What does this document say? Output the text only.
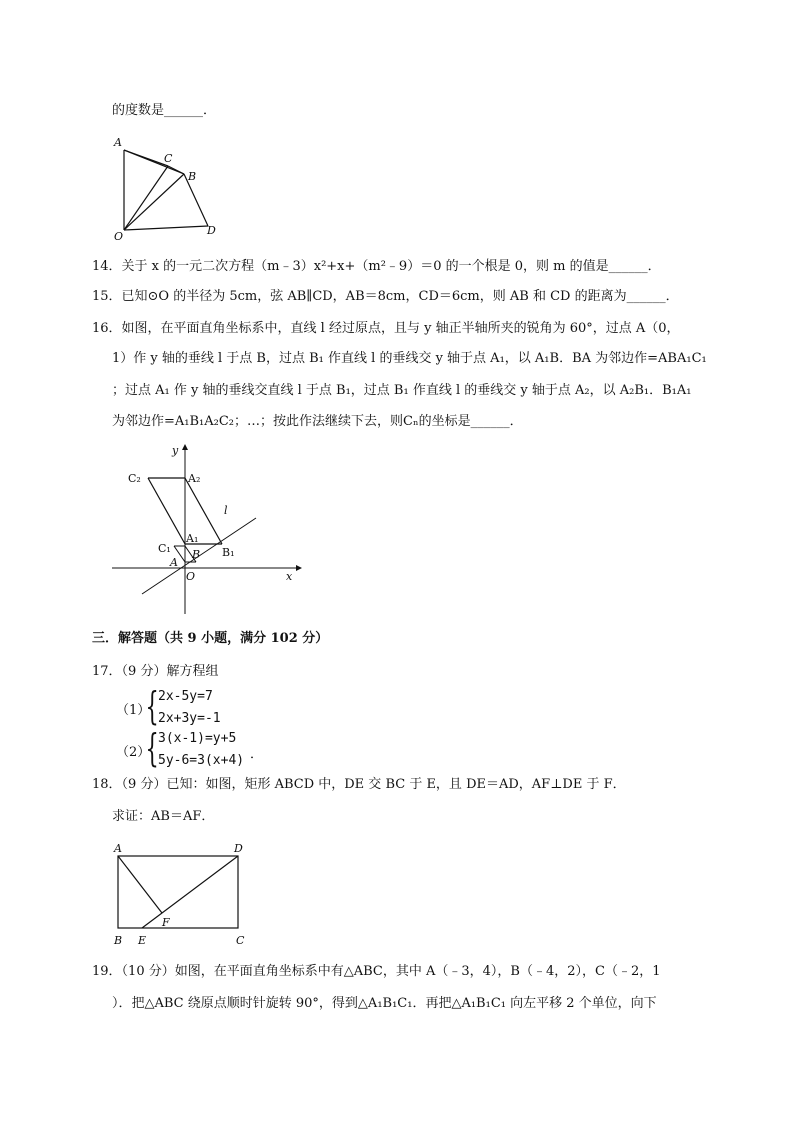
的度数是______．
A
C
B
D
O
14．关于 x 的一元二次方程（m﹣3）x²+x+（m²﹣9）＝0 的一个根是 0，则 m 的值是______．
15．已知⊙O 的半径为 5cm，弦 AB∥CD，AB＝8cm，CD＝6cm，则 AB 和 CD 的距离为______．
16．如图，在平面直角坐标系中，直线 l 经过原点，且与 y 轴正半轴所夹的锐角为 60°，过点 A（0，
1）作 y 轴的垂线 l 于点 B，过点 B₁ 作直线 l 的垂线交 y 轴于点 A₁，以 A₁B．BA 为邻边作=ABA₁C₁
；过点 A₁ 作 y 轴的垂线交直线 l 于点 B₁，过点 B₁ 作直线 l 的垂线交 y 轴于点 A₂，以 A₂B₁．B₁A₁
为邻边作=A₁B₁A₂C₂；…；按此作法继续下去，则Cₙ的坐标是______．
l
y
C₂	A₂
C₁
A₁
B B₁
A
O	x
三．解答题（共 9 小题，满分 102 分）
17．（9 分）解方程组
（1）
{ 2x-5y=7
2x+3y=-1
（2）
{ 3(x-1)=y+5
5y-6=3(x+4) ．
18．（9 分）已知：如图，矩形 ABCD 中，DE 交 BC 于 E，且 DE＝AD，AF⊥DE 于 F．
求证：AB＝AF．
A	D
F
B E	C
19．（10 分）如图，在平面直角坐标系中有△ABC，其中 A（﹣3，4），B（﹣4，2），C（﹣2，1
）．把△ABC 绕原点顺时针旋转 90°，得到△A₁B₁C₁．再把△A₁B₁C₁ 向左平移 2 个单位，向下
